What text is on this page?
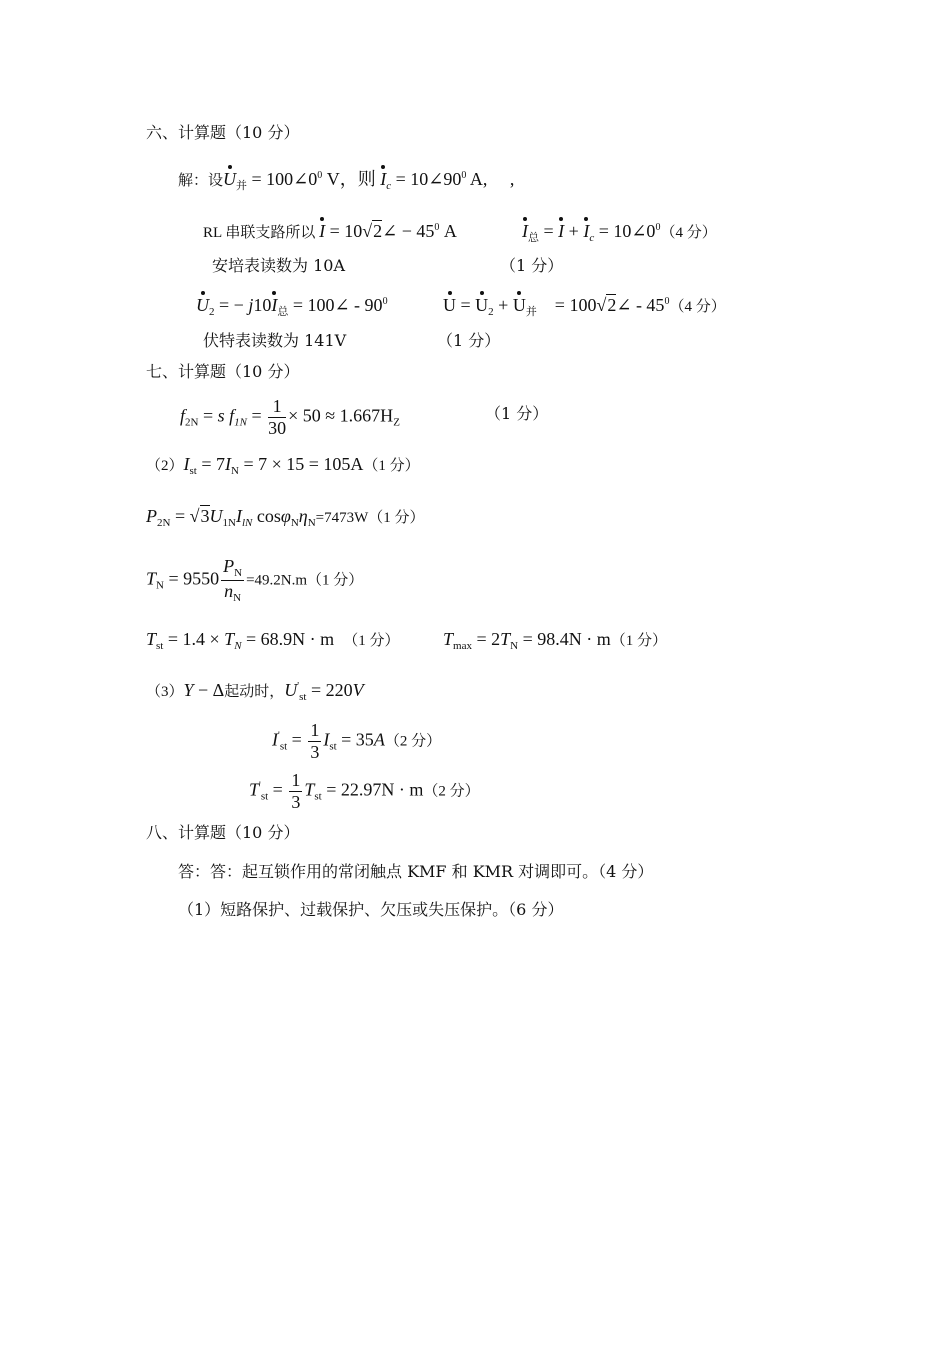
六、计算题（10 分）
解：设$U_并$ = $100\angle 0^0$ V，则 $I_c$ = $10\angle 90^0$ A,　 ,
RL 串联支路所以 I = 10√2∠ − $45^0$ A	$I_总 = I + I_c$ = $10\angle 0^0(4$ 分）
安培表读数为 10A	（1 分）
$U_2$ = − $j10I_总$ = 100∠ - $90^0$	$U = U_2 + U_并$　= 100√2∠ - $45^0(4$ 分）
伏特表读数为 141V	（1 分）
七、计算题（10 分）
$f_{2N} = s$ $f_{1N} = \frac{1}{30} \times 50 \approx 1.667H_Z$	（1 分）
$(2)I_{st} = 7I_N = 7 \times 15 = 105A(1$ 分）
$P_{2N} = √3U_{1N}I_{lN}$ $\cos\varphi_N\eta_N=7473W(1$ 分）
$T_N = 9550 \frac{P_N}{n_N} =49.2N.m(1$ 分）
$T_{st} = 1.4 \times T_N = 68.9N \cdot m$ （1 分） $T_{max} = 2T_N = 98.4N \cdot m(1$ 分）
（3）Y − Δ起动时，$U'_{st} = 220V$
$I'_{st} = \frac{1}{3} I_{st} = 35A(2$ 分）
$T'_{st} = \frac{1}{3} T_{st} = 22.97N \cdot m(2$ 分）
八、计算题（10 分）
答：答：起互锁作用的常闭触点 KMF 和 KMR 对调即可。（4 分）
（1）短路保护、过载保护、欠压或失压保护。（6 分）
